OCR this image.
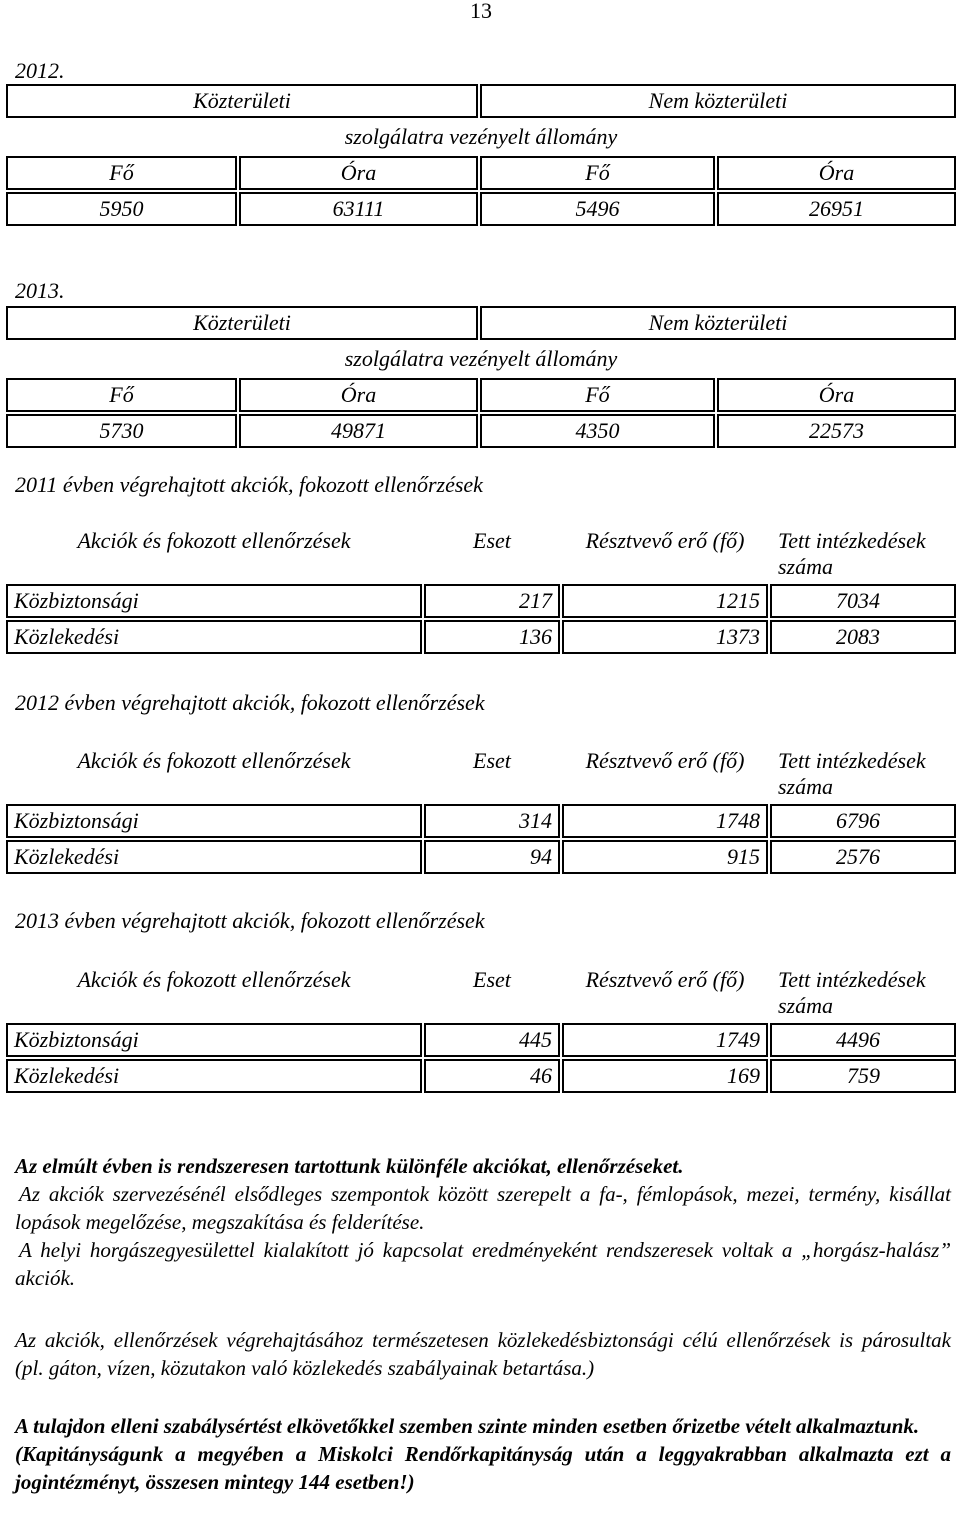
13
2012.
Közterületi		Nem közterületi	
szolgálatra vezényelt állomány			
Fő	Óra	Fő	Óra
5950	63111	5496	26951
2013.
Közterületi		Nem közterületi	
szolgálatra vezényelt állomány			
Fő	Óra	Fő	Óra
5730	49871	4350	22573
2011 évben végrehajtott akciók, fokozott ellenőrzések
Akciók és fokozott ellenőrzések	Eset	Résztvevő erő (fő)	Tett intézkedések száma
Közbiztonsági	217	1215	7034
Közlekedési	136	1373	2083
2012 évben végrehajtott akciók, fokozott ellenőrzések
Akciók és fokozott ellenőrzések	Eset	Résztvevő erő (fő)	Tett intézkedések száma
Közbiztonsági	314	1748	6796
Közlekedési	94	915	2576
2013 évben végrehajtott akciók, fokozott ellenőrzések
Akciók és fokozott ellenőrzések	Eset	Résztvevő erő (fő)	Tett intézkedések száma
Közbiztonsági	445	1749	4496
Közlekedési	46	169	759

Az elmúlt évben is rendszeresen tartottunk különféle akciókat, ellenőrzéseket.

Az akciók szervezésénél elsődleges szempontok között szerepelt a fa-, fémlopások, mezei, termény, kisállat lopások megelőzése, megszakítása és felderítése.

A helyi horgászegyesülettel kialakított jó kapcsolat eredményeként rendszeresek voltak a „horgász-halász” akciók.

Az akciók, ellenőrzések végrehajtásához természetesen közlekedésbiztonsági célú ellenőrzések is párosultak (pl. gáton, vízen, közutakon való közlekedés szabályainak betartása.)

A tulajdon elleni szabálysértést elkövetőkkel szemben szinte minden esetben őrizetbe vételt alkalmaztunk.

(Kapitányságunk a megyében a Miskolci Rendőrkapitányság után a leggyakrabban alkalmazta ezt a jogintézményt, összesen mintegy 144 esetben!)
